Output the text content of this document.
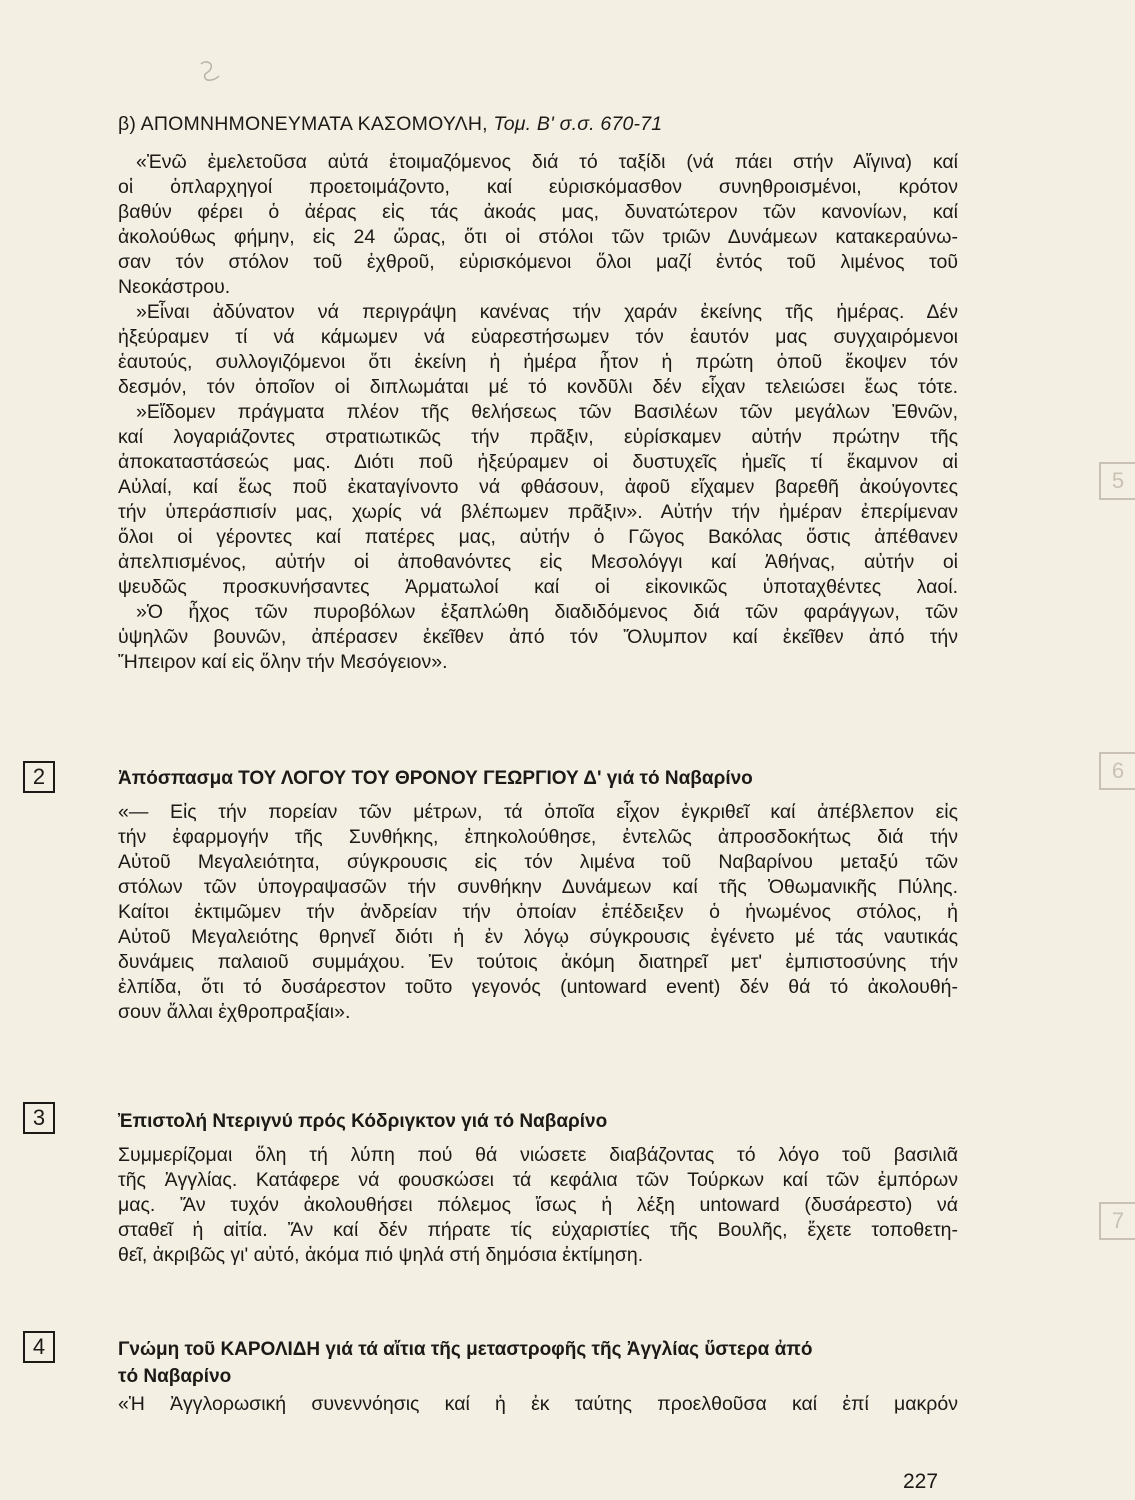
5
6
7
β) ΑΠΟΜΝΗΜΟΝΕΥΜΑΤΑ ΚΑΣΟΜΟΥΛΗ, Τομ. Β' σ.σ. 670-71
«Ἐνῶ ἐμελετοῦσα αὐτά ἑτοιμαζόμενος διά τό ταξίδι (νά πάει στήν Αἴγινα) καί
οἱ ὁπλαρχηγοί προετοιμάζοντο, καί εὑρισκόμασθον συνηθροισμένοι, κρότον
βαθύν φέρει ὁ ἀέρας εἰς τάς ἀκοάς μας, δυνατώτερον τῶν κανονίων, καί
ἀκολούθως φήμην, εἰς 24 ὥρας, ὅτι οἱ στόλοι τῶν τριῶν Δυνάμεων κατακεραύνω-
σαν τόν στόλον τοῦ ἐχθροῦ, εὑρισκόμενοι ὅλοι μαζί ἐντός τοῦ λιμένος τοῦ
Νεοκάστρου.
»Εἶναι ἀδύνατον νά περιγράψη κανένας τήν χαράν ἐκείνης τῆς ἡμέρας. Δέν
ἠξεύραμεν τί νά κάμωμεν νά εὐαρεστήσωμεν τόν ἑαυτόν μας συγχαιρόμενοι
ἑαυτούς, συλλογιζόμενοι ὅτι ἐκείνη ἡ ἡμέρα ἦτον ἡ πρώτη ὁποῦ ἔκοψεν τόν
δεσμόν, τόν ὁποῖον οἱ διπλωμάται μέ τό κονδῦλι δέν εἶχαν τελειώσει ἕως τότε.
»Εἴδομεν πράγματα πλέον τῆς θελήσεως τῶν Βασιλέων τῶν μεγάλων Ἐθνῶν,
καί λογαριάζοντες στρατιωτικῶς τήν πρᾶξιν, εὑρίσκαμεν αὐτήν πρώτην τῆς
ἀποκαταστάσεώς μας. Διότι ποῦ ἠξεύραμεν οἱ δυστυχεῖς ἡμεῖς τί ἔκαμνον αἱ
Αὐλαί, καί ἕως ποῦ ἐκαταγίνοντο νά φθάσουν, ἀφοῦ εἴχαμεν βαρεθῆ ἀκούγοντες
τήν ὑπεράσπισίν μας, χωρίς νά βλέπωμεν πρᾶξιν». Αὐτήν τήν ἡμέραν ἐπερίμεναν
ὅλοι οἱ γέροντες καί πατέρες μας, αὐτήν ὁ Γῶγος Βακόλας ὅστις ἀπέθανεν
ἀπελπισμένος, αὐτήν οἱ ἀποθανόντες εἰς Μεσολόγγι καί Ἀθήνας, αὐτήν οἱ
ψευδῶς προσκυνήσαντες Ἀρματωλοί καί οἱ εἰκονικῶς ὑποταχθέντες λαοί.
»Ὁ ἦχος τῶν πυροβόλων ἐξαπλώθη διαδιδόμενος διά τῶν φαράγγων, τῶν
ὑψηλῶν βουνῶν, ἀπέρασεν ἐκεῖθεν ἀπό τόν Ὄλυμπον καί ἐκεῖθεν ἀπό τήν
Ἤπειρον καί εἰς ὅλην τήν Μεσόγειον».
2	Ἀπόσπασμα ΤΟΥ ΛΟΓΟΥ ΤΟΥ ΘΡΟΝΟΥ ΓΕΩΡΓΙΟΥ Δ' γιά τό Ναβαρίνο
«— Εἰς τήν πορείαν τῶν μέτρων, τά ὁποῖα εἶχον ἐγκριθεῖ καί ἀπέβλεπον εἰς
τήν ἐφαρμογήν τῆς Συνθήκης, ἐπηκολούθησε, ἐντελῶς ἀπροσδοκήτως διά τήν
Αὐτοῦ Μεγαλειότητα, σύγκρουσις εἰς τόν λιμένα τοῦ Ναβαρίνου μεταξύ τῶν
στόλων τῶν ὑπογραψασῶν τήν συνθήκην Δυνάμεων καί τῆς Ὀθωμανικῆς Πύλης.
Καίτοι ἐκτιμῶμεν τήν ἀνδρείαν τήν ὁποίαν ἐπέδειξεν ὁ ἡνωμένος στόλος, ἡ
Αὐτοῦ Μεγαλειότης θρηνεῖ διότι ἡ ἐν λόγῳ σύγκρουσις ἐγένετο μέ τάς ναυτικάς
δυνάμεις παλαιοῦ συμμάχου. Ἐν τούτοις ἀκόμη διατηρεῖ μετ' ἐμπιστοσύνης τήν
ἐλπίδα, ὅτι τό δυσάρεστον τοῦτο γεγονός (untoward event) δέν θά τό ἀκολουθή-
σουν ἄλλαι ἐχθροπραξίαι».
3	Ἐπιστολή Ντεριγνύ πρός Κόδριγκτον γιά τό Ναβαρίνο
Συμμερίζομαι ὅλη τή λύπη πού θά νιώσετε διαβάζοντας τό λόγο τοῦ βασιλιᾶ
τῆς Ἀγγλίας. Κατάφερε νά φουσκώσει τά κεφάλια τῶν Τούρκων καί τῶν ἐμπόρων
μας. Ἄν τυχόν ἀκολουθήσει πόλεμος ἴσως ἡ λέξη untoward (δυσάρεστο) νά
σταθεῖ ἡ αἰτία. Ἄν καί δέν πήρατε τίς εὐχαριστίες τῆς Βουλῆς, ἔχετε τοποθετη-
θεῖ, ἀκριβῶς γι' αὐτό, ἀκόμα πιό ψηλά στή δημόσια ἐκτίμηση.
4	Γνώμη τοῦ ΚΑΡΟΛΙΔΗ γιά τά αἴτια τῆς μεταστροφῆς τῆς Ἀγγλίας ὕστερα ἀπό
τό Ναβαρίνο
«Ἡ Ἀγγλορωσική συνεννόησις καί ἡ ἐκ ταύτης προελθοῦσα καί ἐπί μακρόν
227
